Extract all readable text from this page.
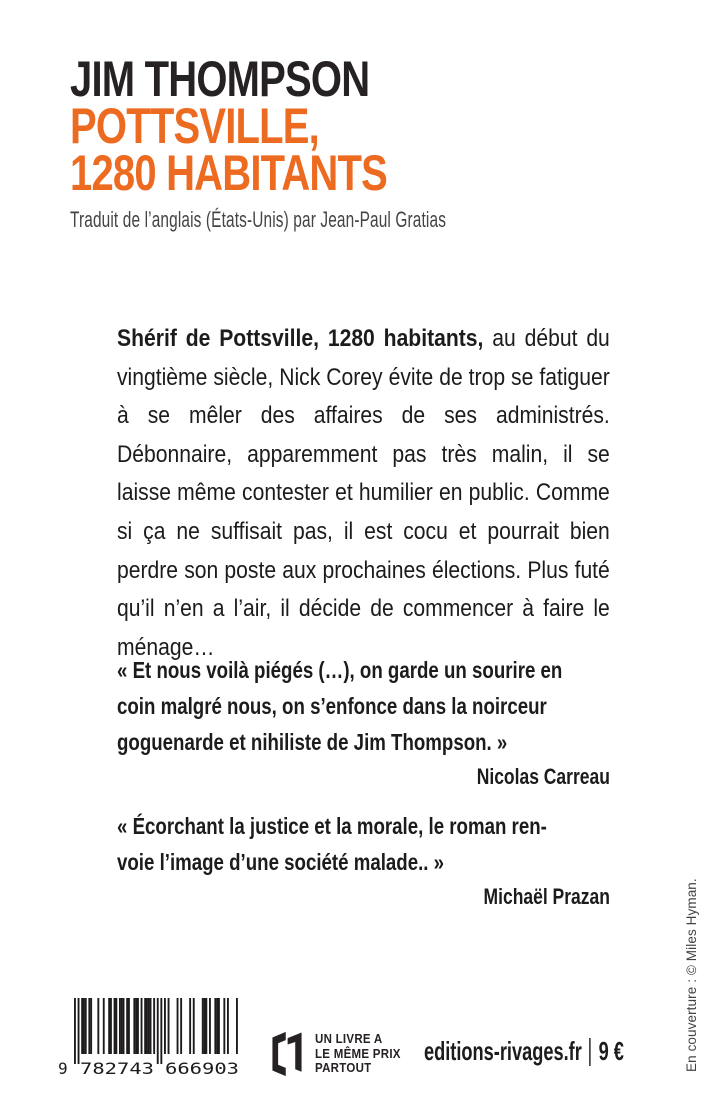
JIM THOMPSON
POTTSVILLE,
1280 HABITANTS
Traduit de l’anglais (États-Unis) par Jean-Paul Gratias

Shérif de Pottsville, 1280 habitants, au début du vingtième siècle, Nick Corey évite de trop se fatiguer à se mêler des affaires de ses administrés. Débonnaire, apparemment pas très malin, il se laisse même contester et humilier en public. Comme si ça ne suffisait pas, il est cocu et pourrait bien perdre son poste aux prochaines élections. Plus futé qu’il n’en a l’air, il décide de commencer à faire le ménage…

« Et nous voilà piégés (…), on garde un sourire en
coin malgré nous, on s’enfonce dans la noirceur
goguenarde et nihiliste de Jim Thompson. »
Nicolas Carreau
« Écorchant la justice et la morale, le roman ren-
voie l’image d’une société malade.. »
Michaël Prazan
9 782743 666903
UN LIVRE A
LE MÊME PRIX
PARTOUT
editions-rivages.fr 9 €	En couverture : © Miles Hyman.
